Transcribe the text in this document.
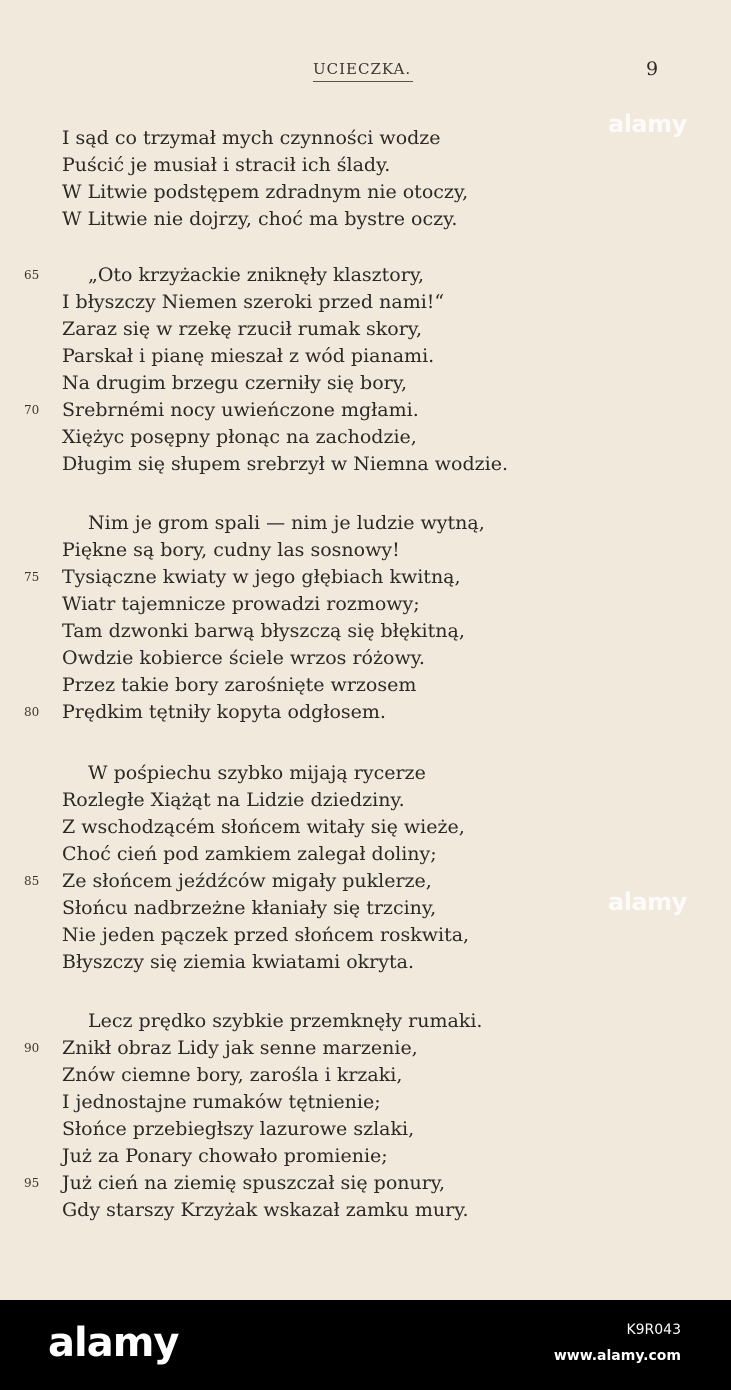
UCIECZKA.	9
I sąd co trzymał mych czynności wodze
Puścić je musiał i stracił ich ślady.
W Litwie podstępem zdradnym nie otoczy,
W Litwie nie dojrzy, choć ma bystre oczy.
65	„Oto krzyżackie zniknęły klasztory,
I błyszczy Niemen szeroki przed nami!“
Zaraz się w rzekę rzucił rumak skory,
Parskał i pianę mieszał z wód pianami.
Na drugim brzegu czerniły się bory,
70	Srebrnémi nocy uwieńczone mgłami.
Xiężyc posępny płonąc na zachodzie,
Długim się słupem srebrzył w Niemna wodzie.
Nim je grom spali — nim je ludzie wytną,
Piękne są bory, cudny las sosnowy!
75	Tysiączne kwiaty w jego głębiach kwitną,
Wiatr tajemnicze prowadzi rozmowy;
Tam dzwonki barwą błyszczą się błękitną,
Owdzie kobierce ściele wrzos różowy.
Przez takie bory zarośnięte wrzosem
80	Prędkim tętniły kopyta odgłosem.
W pośpiechu szybko mijają rycerze
Rozległe Xiążąt na Lidzie dziedziny.
Z wschodzącém słońcem witały się wieże,
Choć cień pod zamkiem zalegał doliny;
85	Ze słońcem jeźdźców migały puklerze,
Słońcu nadbrzeżne kłaniały się trzciny,
Nie jeden pączek przed słońcem roskwita,
Błyszczy się ziemia kwiatami okryta.
Lecz prędko szybkie przemknęły rumaki.
90	Znikł obraz Lidy jak senne marzenie,
Znów ciemne bory, zarośla i krzaki,
I jednostajne rumaków tętnienie;
Słońce przebiegłszy lazurowe szlaki,
Już za Ponary chowało promienie;
95	Już cień na ziemię spuszczał się ponury,
Gdy starszy Krzyżak wskazał zamku mury.
alamy
alamy
alamy	K9R043
www.alamy.com
